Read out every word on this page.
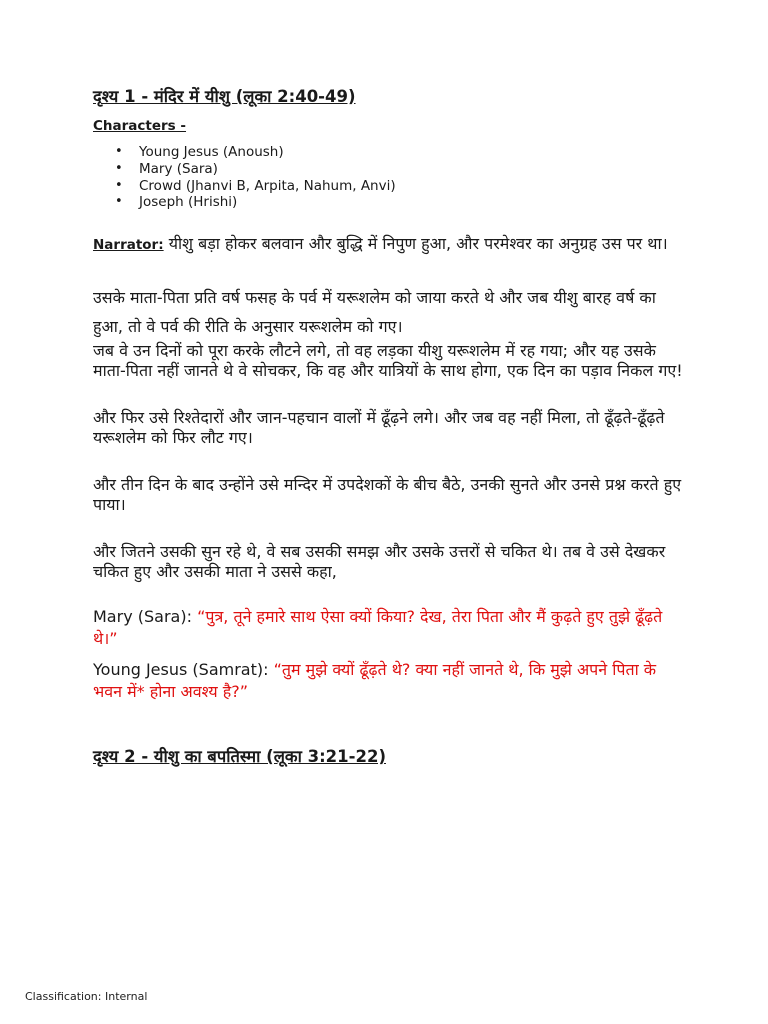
दृश्य 1 - मंदिर में यीशु (लूका 2:40-49)
Characters -
• Young Jesus (Anoush)
• Mary (Sara)
• Crowd (Jhanvi B, Arpita, Nahum, Anvi)
• Joseph (Hrishi)

Narrator: यीशु बड़ा होकर बलवान और बुद्धि में निपुण हुआ, और परमेश्वर का अनुग्रह उस पर था।

उसके माता-पिता प्रति वर्ष फसह के पर्व में यरूशलेम को जाया करते थे और जब यीशु बारह वर्ष का हुआ, तो वे पर्व की रीति के अनुसार यरूशलेम को गए।

जब वे उन दिनों को पूरा करके लौटने लगे, तो वह लड़का यीशु यरूशलेम में रह गया; और यह उसके माता-पिता नहीं जानते थे वे सोचकर, कि वह और यात्रियों के साथ होगा, एक दिन का पड़ाव निकल गए!

और फिर उसे रिश्तेदारों और जान-पहचान वालों में ढूँढ़ने लगे। और जब वह नहीं मिला, तो ढूँढ़ते-ढूँढ़ते यरूशलेम को फिर लौट गए।

और तीन दिन के बाद उन्होंने उसे मन्दिर में उपदेशकों के बीच बैठे, उनकी सुनते और उनसे प्रश्न करते हुए पाया।

और जितने उसकी सुन रहे थे, वे सब उसकी समझ और उसके उत्तरों से चकित थे। तब वे उसे देखकर चकित हुए और उसकी माता ने उससे कहा,

Mary (Sara): “पुत्र, तूने हमारे साथ ऐसा क्यों किया? देख, तेरा पिता और मैं कुढ़ते हुए तुझे ढूँढ़ते थे।”

Young Jesus (Samrat): “तुम मुझे क्यों ढूँढ़ते थे? क्या नहीं जानते थे, कि मुझे अपने पिता के भवन में* होना अवश्य है?”

दृश्य 2 - यीशु का बपतिस्मा (लूका 3:21-22)
Classification: Internal
